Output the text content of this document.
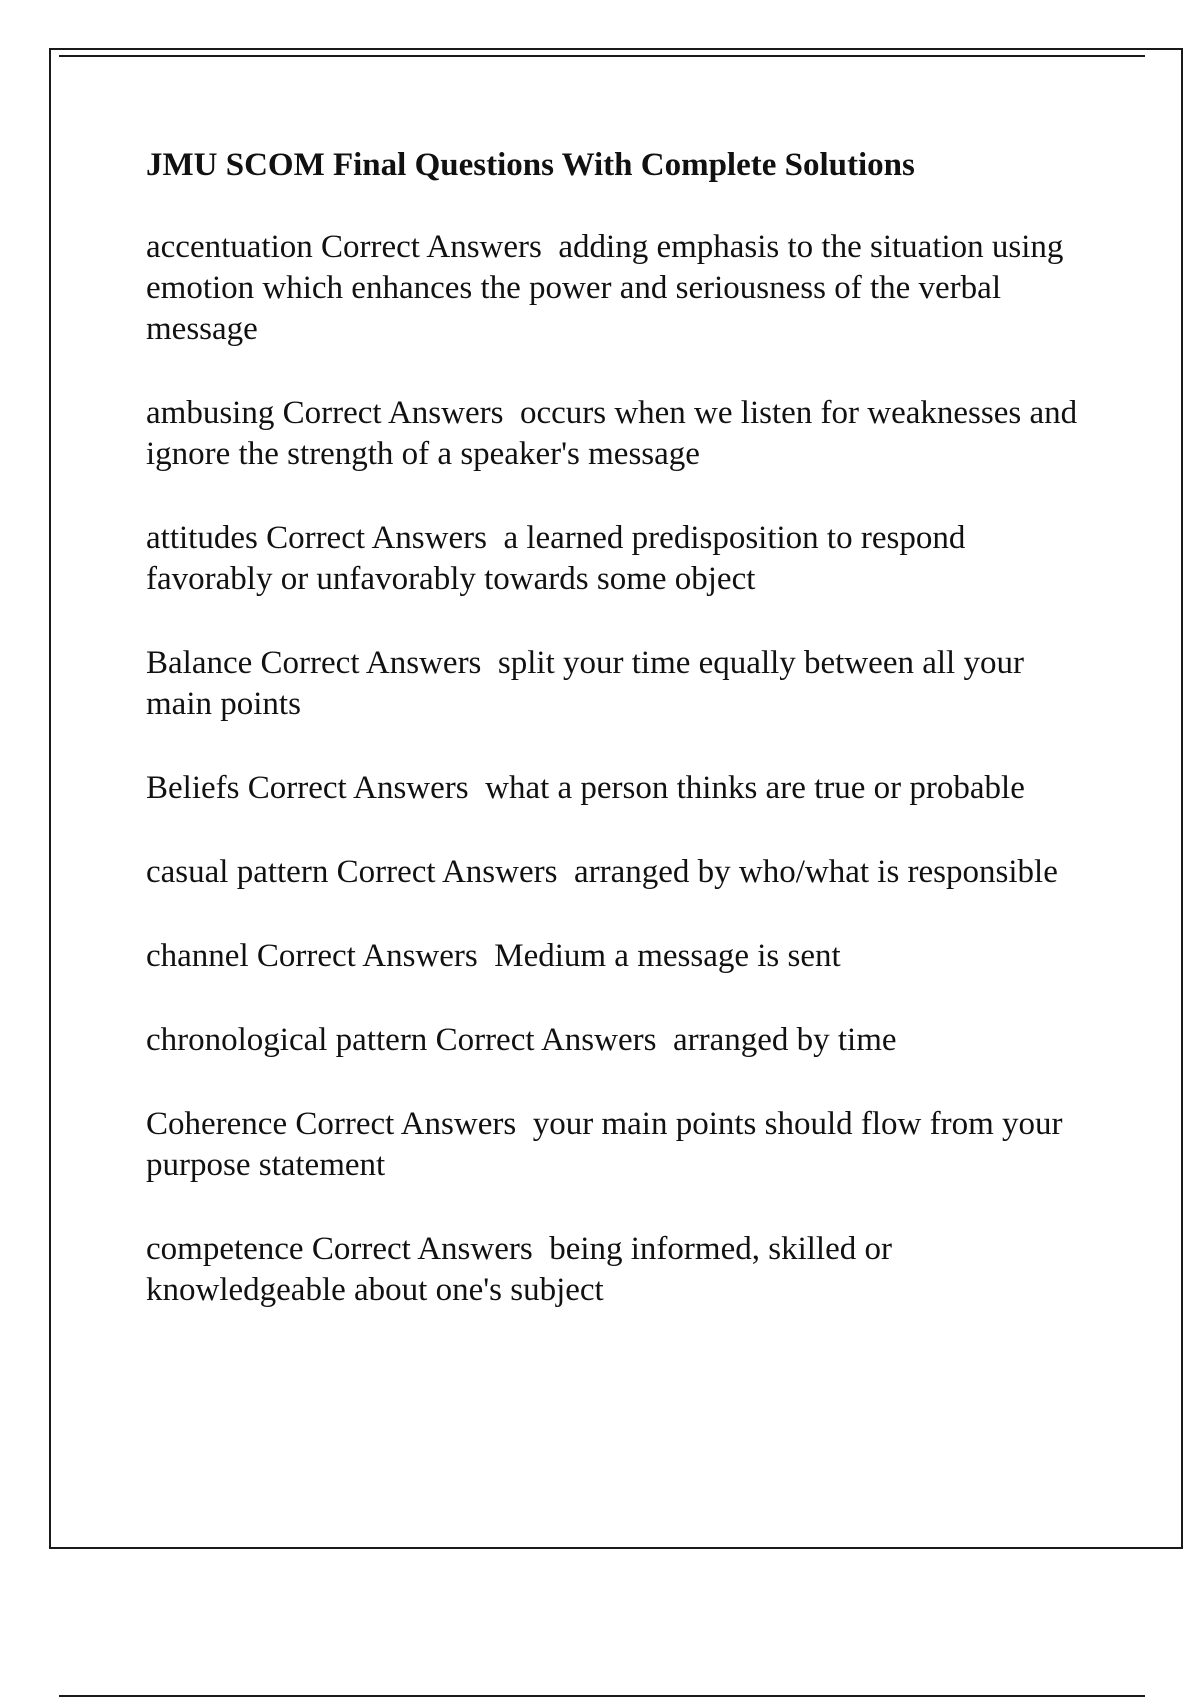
JMU SCOM Final Questions With Complete Solutions

accentuation Correct Answers adding emphasis to the situation using emotion which enhances the power and seriousness of the verbal message

ambusing Correct Answers occurs when we listen for weaknesses and ignore the strength of a speaker's message

attitudes Correct Answers a learned predisposition to respond favorably or unfavorably towards some object

Balance Correct Answers split your time equally between all your main points

Beliefs Correct Answers what a person thinks are true or probable

casual pattern Correct Answers arranged by who/what is responsible

channel Correct Answers Medium a message is sent

chronological pattern Correct Answers arranged by time

Coherence Correct Answers your main points should flow from your purpose statement

competence Correct Answers being informed, skilled or knowledgeable about one's subject
